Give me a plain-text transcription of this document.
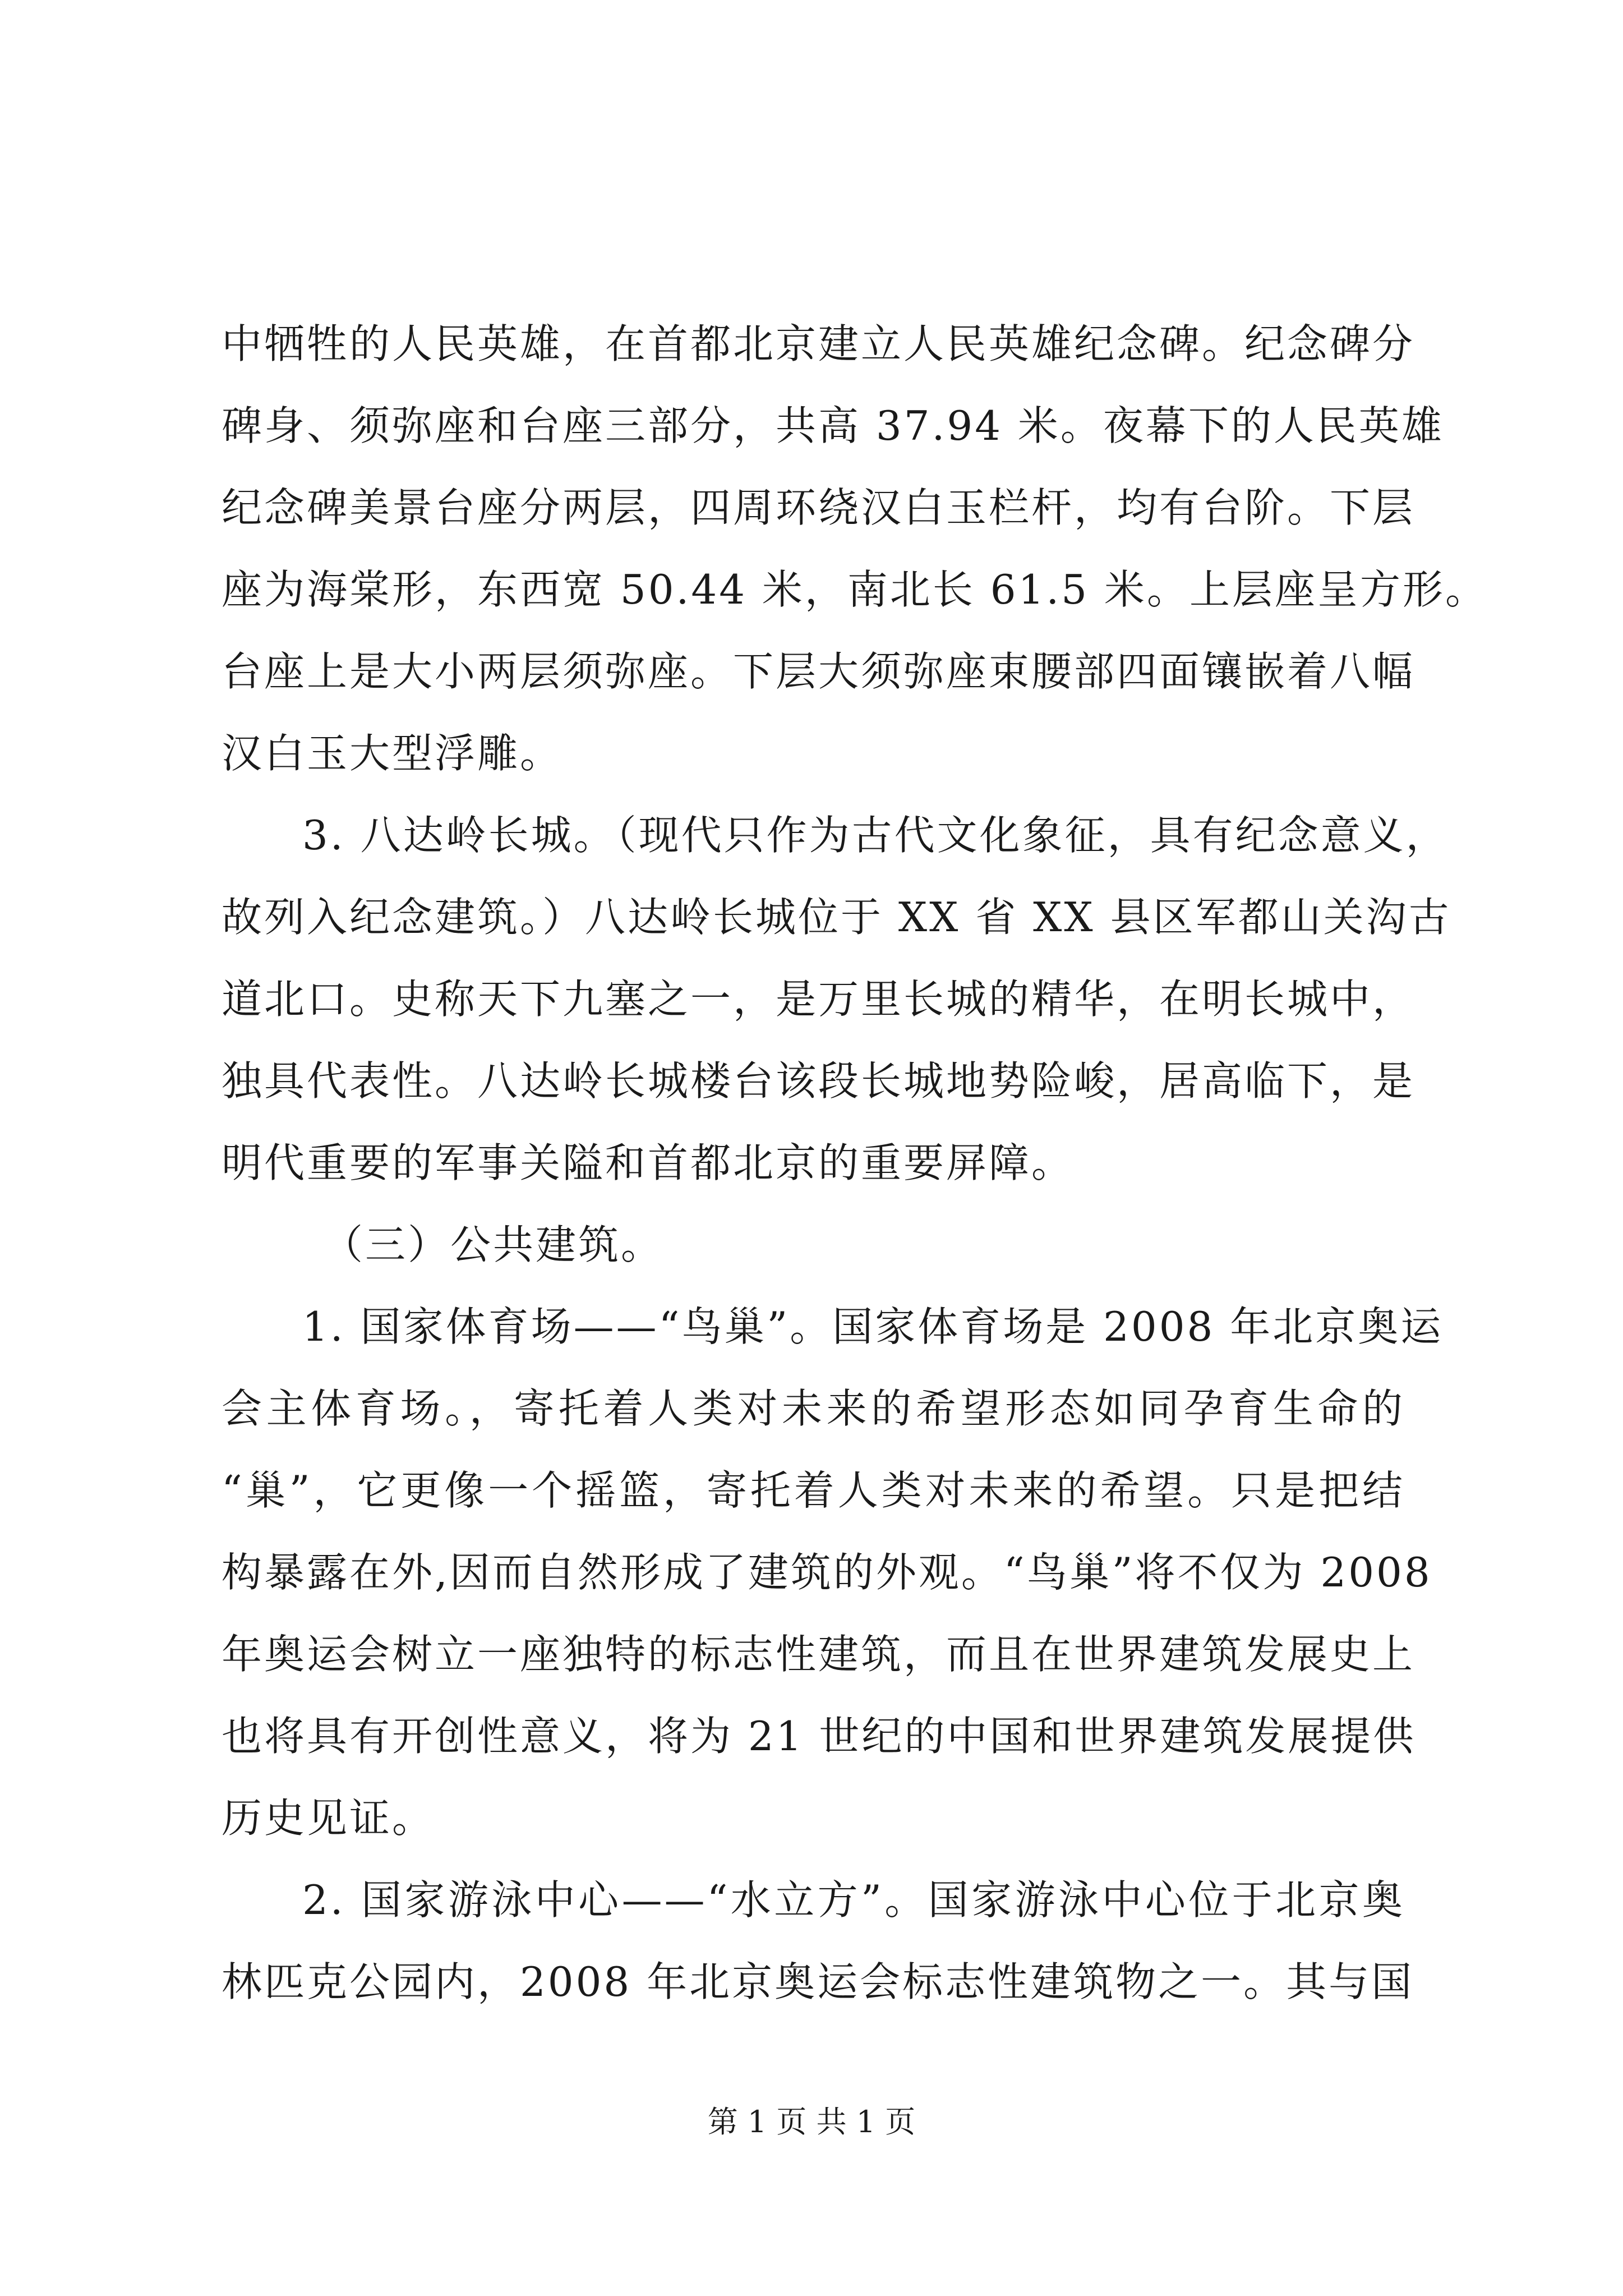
中牺牲的人民英雄，在首都北京建立人民英雄纪念碑。纪念碑分
碑身、须弥座和台座三部分，共高 37.94 米。夜幕下的人民英雄
纪念碑美景台座分两层，四周环绕汉白玉栏杆，均有台阶。下层
座为海棠形，东西宽 50.44 米，南北长 61.5 米。上层座呈方形。
台座上是大小两层须弥座。下层大须弥座束腰部四面镶嵌着八幅
汉白玉大型浮雕。
3. 八达岭长城。（现代只作为古代文化象征，具有纪念意义，
故列入纪念建筑。）八达岭长城位于 XX 省 XX 县区军都山关沟古
道北口。史称天下九塞之一，是万里长城的精华，在明长城中，
独具代表性。八达岭长城楼台该段长城地势险峻，居高临下，是
明代重要的军事关隘和首都北京的重要屏障。
（三）公共建筑。
1. 国家体育场——“鸟巢”。国家体育场是 2008 年北京奥运
会主体育场。，寄托着人类对未来的希望形态如同孕育生命的
“巢”，它更像一个摇篮，寄托着人类对未来的希望。只是把结
构暴露在外,因而自然形成了建筑的外观。“鸟巢”将不仅为 2008
年奥运会树立一座独特的标志性建筑，而且在世界建筑发展史上
也将具有开创性意义，将为 21 世纪的中国和世界建筑发展提供
历史见证。
2. 国家游泳中心——“水立方”。国家游泳中心位于北京奥
林匹克公园内，2008 年北京奥运会标志性建筑物之一。其与国
第 1 页 共 1 页
